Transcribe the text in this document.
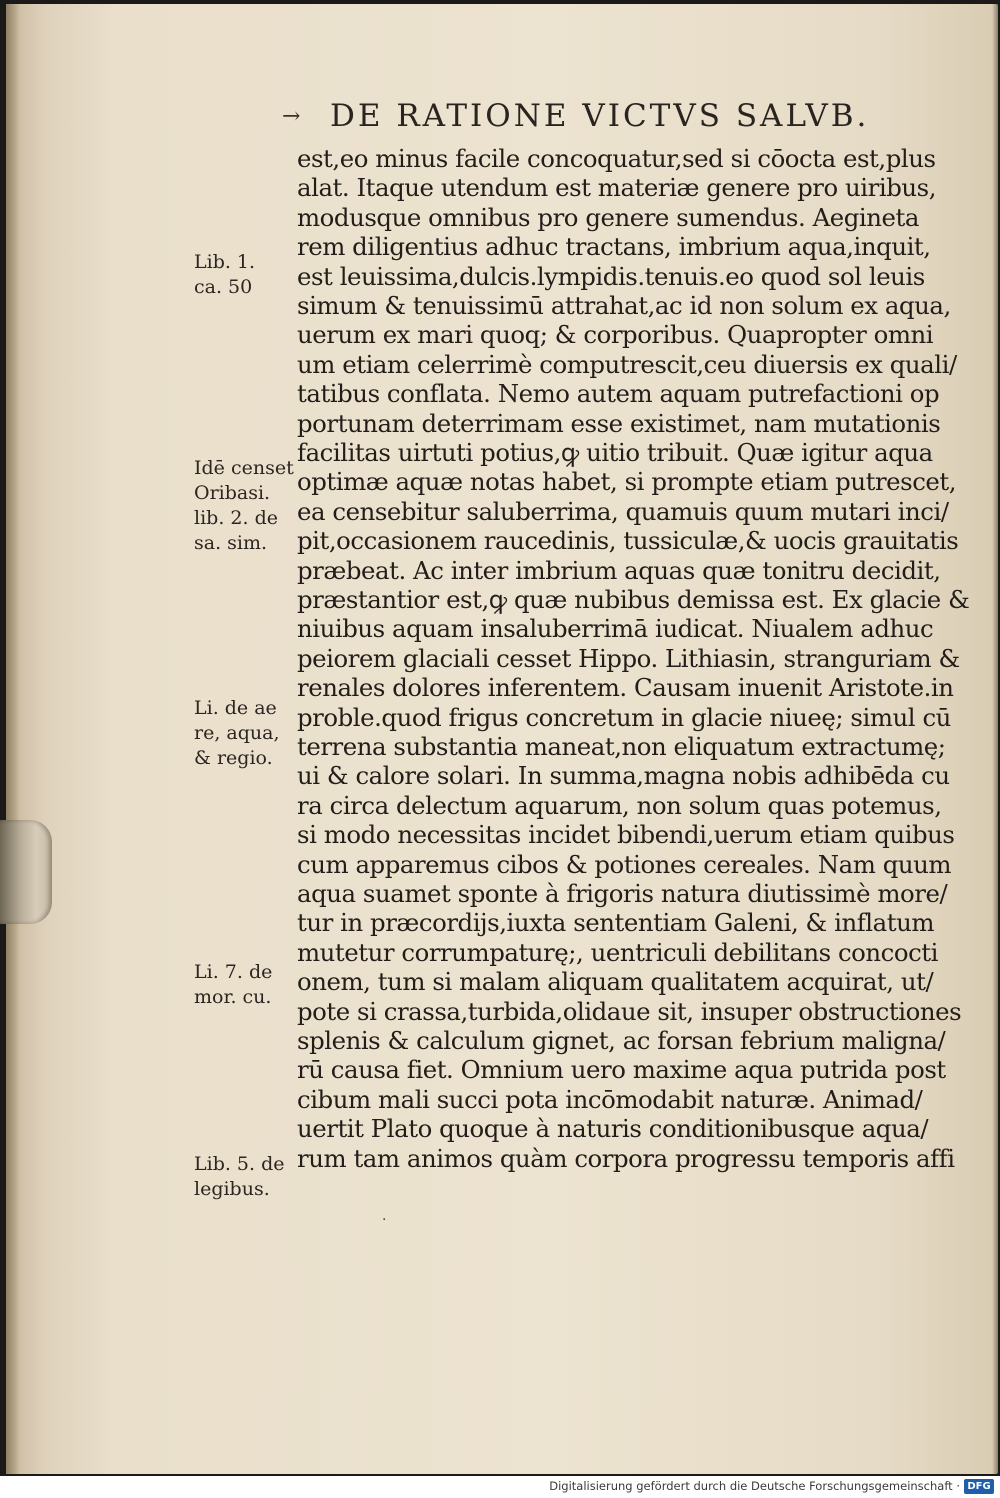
→ DE RATIONE VICTVS SALVB.
est,eo minus facile concoquatur,sed si cōocta est,plus
alat. Itaque utendum est materiæ genere pro uiribus,
modusque omnibus pro genere sumendus. Aegineta
rem diligentius adhuc tractans, imbrium aqua,inquit,
est leuissima,dulcis.lympidis.tenuis.eo quod sol leuis
simum & tenuissimū attrahat,ac id non solum ex aqua,
uerum ex mari quoq; & corporibus. Quapropter omni
um etiam celerrimè computrescit,ceu diuersis ex quali/
tatibus conflata. Nemo autem aquam putrefactioni op
portunam deterrimam esse existimet, nam mutationis
facilitas uirtuti potius,ꝙ uitio tribuit. Quæ igitur aqua
optimæ aquæ notas habet, si prompte etiam putrescet,
ea censebitur saluberrima, quamuis quum mutari inci/
pit,occasionem raucedinis, tussiculæ,& uocis grauitatis
præbeat. Ac inter imbrium aquas quæ tonitru decidit,
præstantior est,ꝙ quæ nubibus demissa est. Ex glacie &
niuibus aquam insaluberrimā iudicat. Niualem adhuc
peiorem glaciali cesset Hippo. Lithiasin, stranguriam &
renales dolores inferentem. Causam inuenit Aristote.in
proble.quod frigus concretum in glacie niueę; simul cū
terrena substantia maneat,non eliquatum extractumę;
ui & calore solari. In summa,magna nobis adhibēda cu
ra circa delectum aquarum, non solum quas potemus,
si modo necessitas incidet bibendi,uerum etiam quibus
cum apparemus cibos & potiones cereales. Nam quum
aqua suamet sponte à frigoris natura diutissimè more/
tur in præcordijs,iuxta sententiam Galeni, & inflatum
mutetur corrumpaturę;, uentriculi debilitans concocti
onem, tum si malam aliquam qualitatem acquirat, ut/
pote si crassa,turbida,olidaue sit, insuper obstructiones
splenis & calculum gignet, ac forsan febrium maligna/
rū causa fiet. Omnium uero maxime aqua putrida post
cibum mali succi pota incōmodabit naturæ. Animad/
uertit Plato quoque à naturis conditionibusque aqua/
rum tam animos quàm corpora progressu temporis affi
Lib. 1.
ca. 50
Idē censet
Oribasi.
lib. 2. de
sa. sim.
Li. de ae
re, aqua,
& regio.
Li. 7. de
mor. cu.
Lib. 5. de
legibus.
·
Digitalisierung gefördert durch die Deutsche Forschungsgemeinschaft · DFG
